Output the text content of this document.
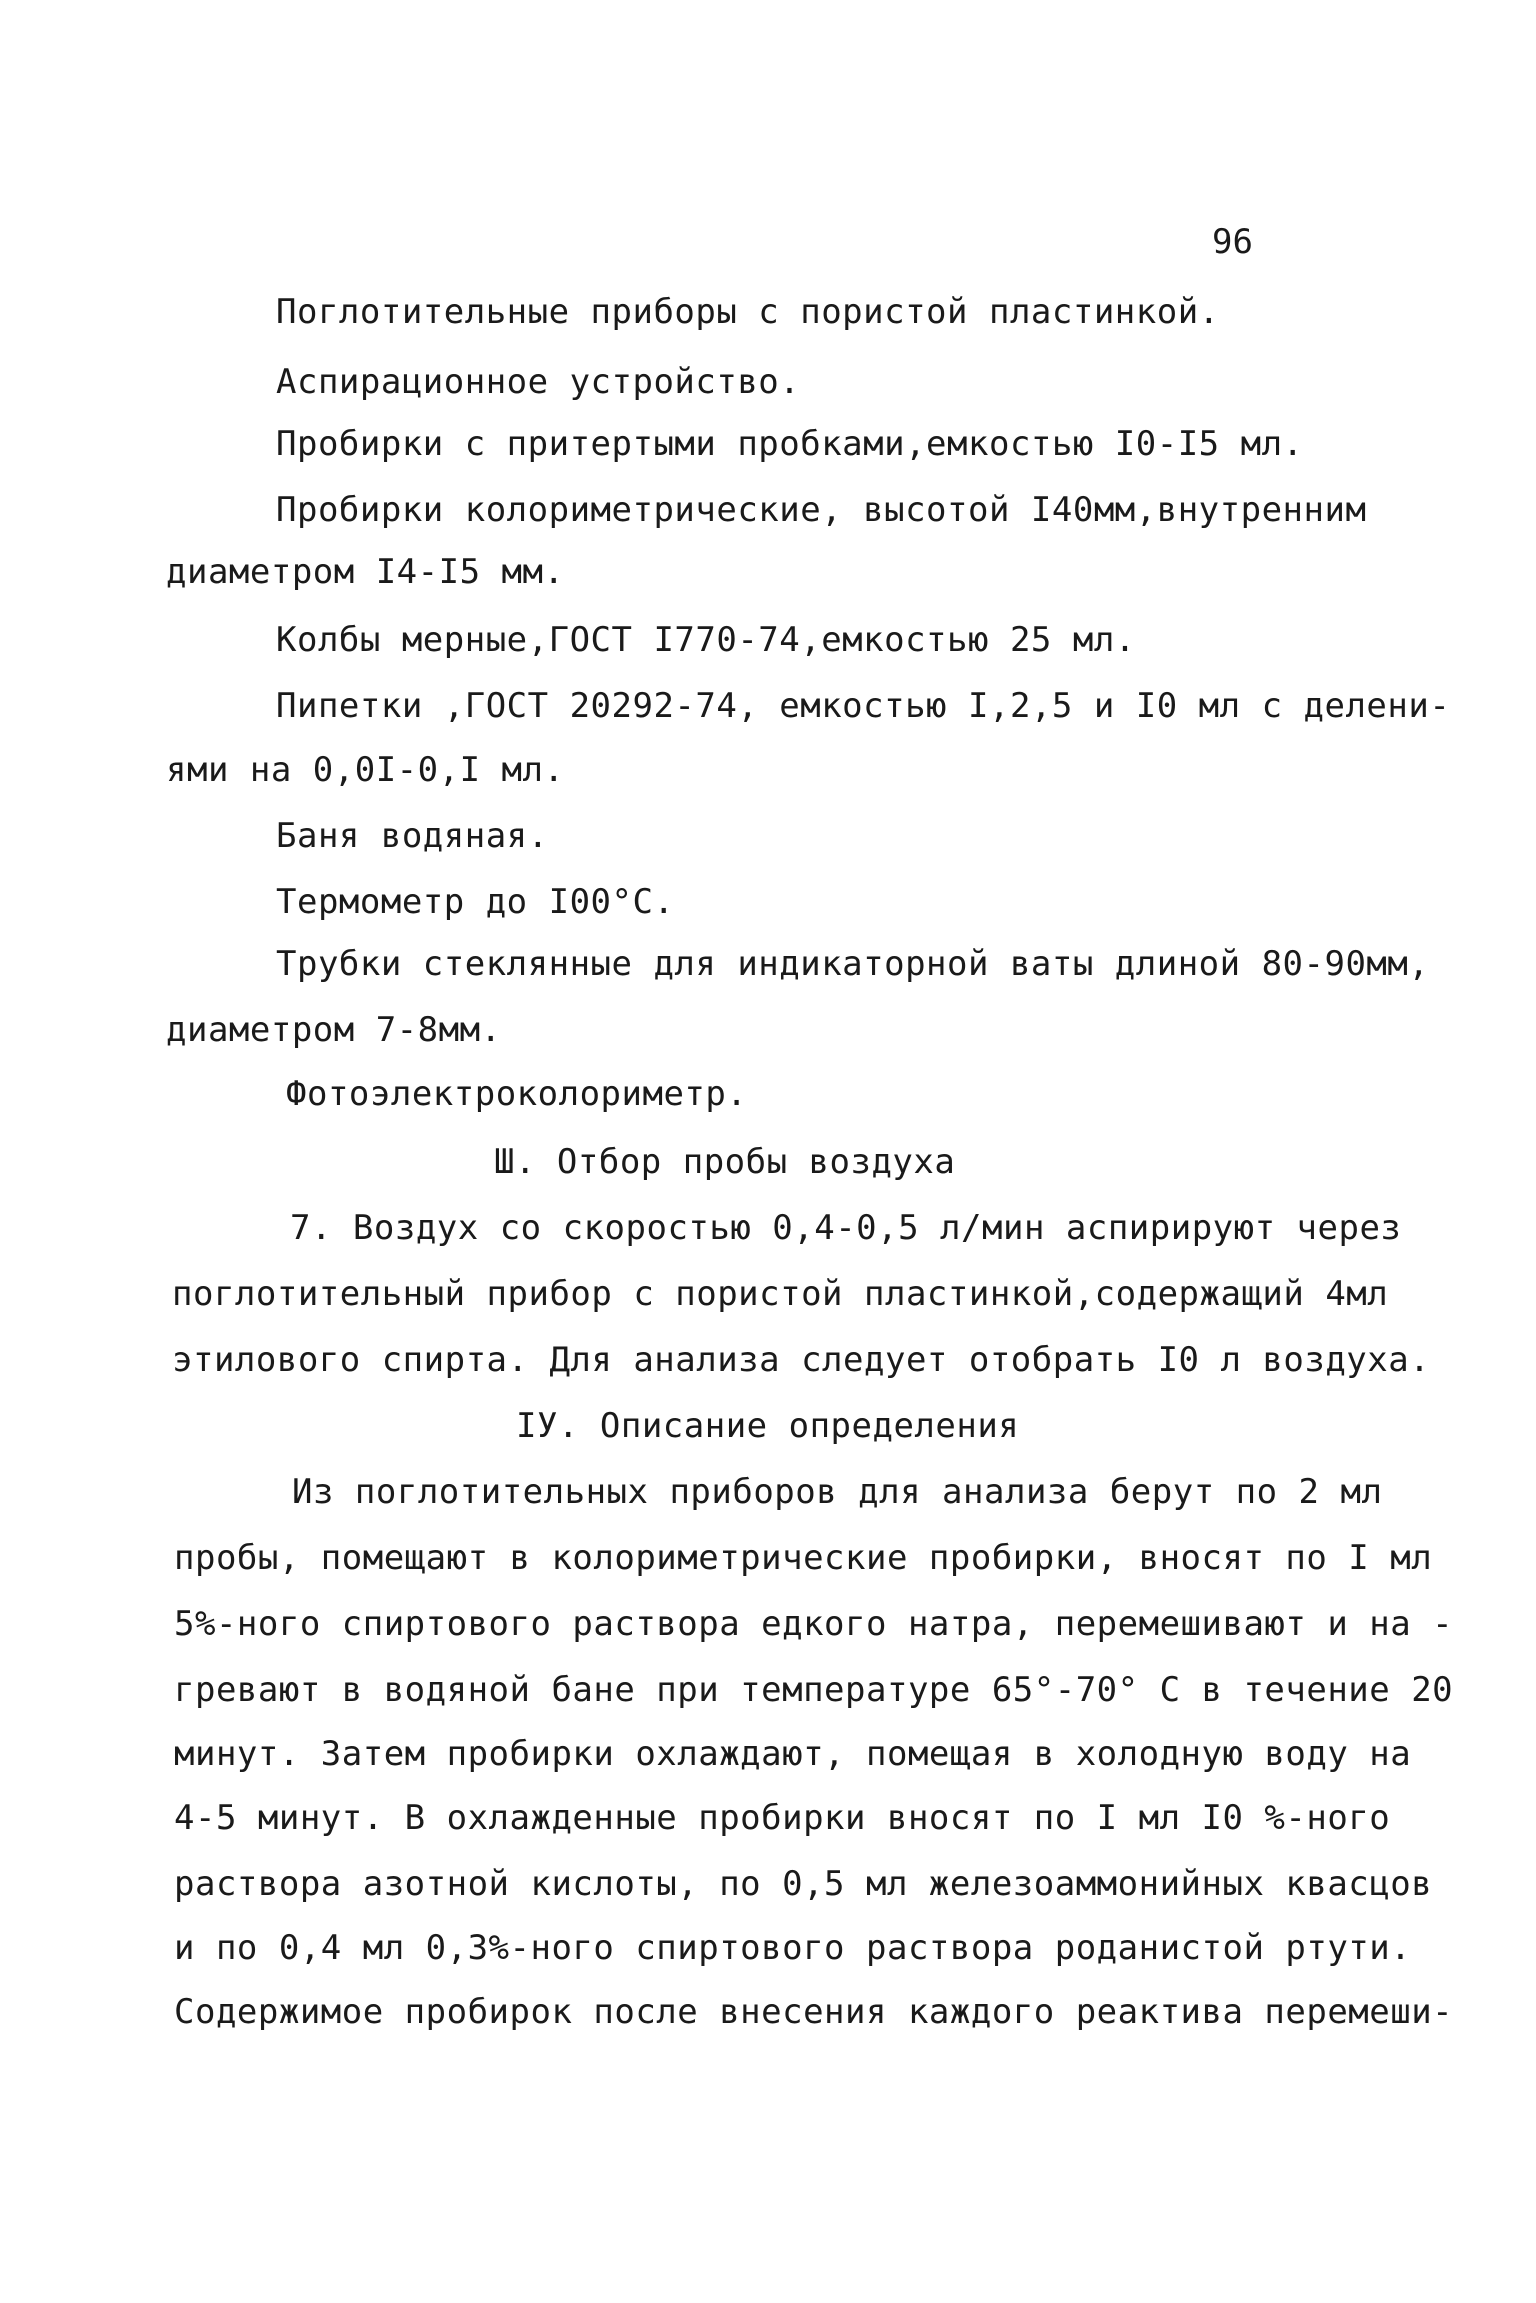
96
Поглотительные приборы с пористой пластинкой.
Аспирационное устройство.
Пробирки с притертыми пробками,емкостью I0-I5 мл.
Пробирки колориметрические, высотой I40мм,внутренним
диаметром I4-I5 мм.
Колбы мерные,ГОСТ I770-74,емкостью 25 мл.
Пипетки ,ГОСТ 20292-74, емкостью I,2,5 и I0 мл с делени-
ями на 0,0I-0,I мл.
Баня водяная.
Термометр до I00°C.
Трубки стеклянные для индикаторной ваты длиной 80-90мм,
диаметром 7-8мм.
Фотоэлектроколориметр.
Ш. Отбор пробы воздуха
7. Воздух со скоростью 0,4-0,5 л/мин аспирируют через
поглотительный прибор с пористой пластинкой,содержащий 4мл
этилового спирта. Для анализа следует отобрать I0 л воздуха.
IУ. Описание определения
Из поглотительных приборов для анализа берут по 2 мл
пробы, помещают в колориметрические пробирки, вносят по I мл
5%-ного спиртового раствора едкого натра, перемешивают и на -
гревают в водяной бане при температуре 65°-70° C в течение 20
минут. Затем пробирки охлаждают, помещая в холодную воду на
4-5 минут. В охлажденные пробирки вносят по I мл I0 %-ного
раствора азотной кислоты, по 0,5 мл железоаммонийных квасцов
и по 0,4 мл 0,3%-ного спиртового раствора роданистой ртути.
Содержимое пробирок после внесения каждого реактива перемеши-
